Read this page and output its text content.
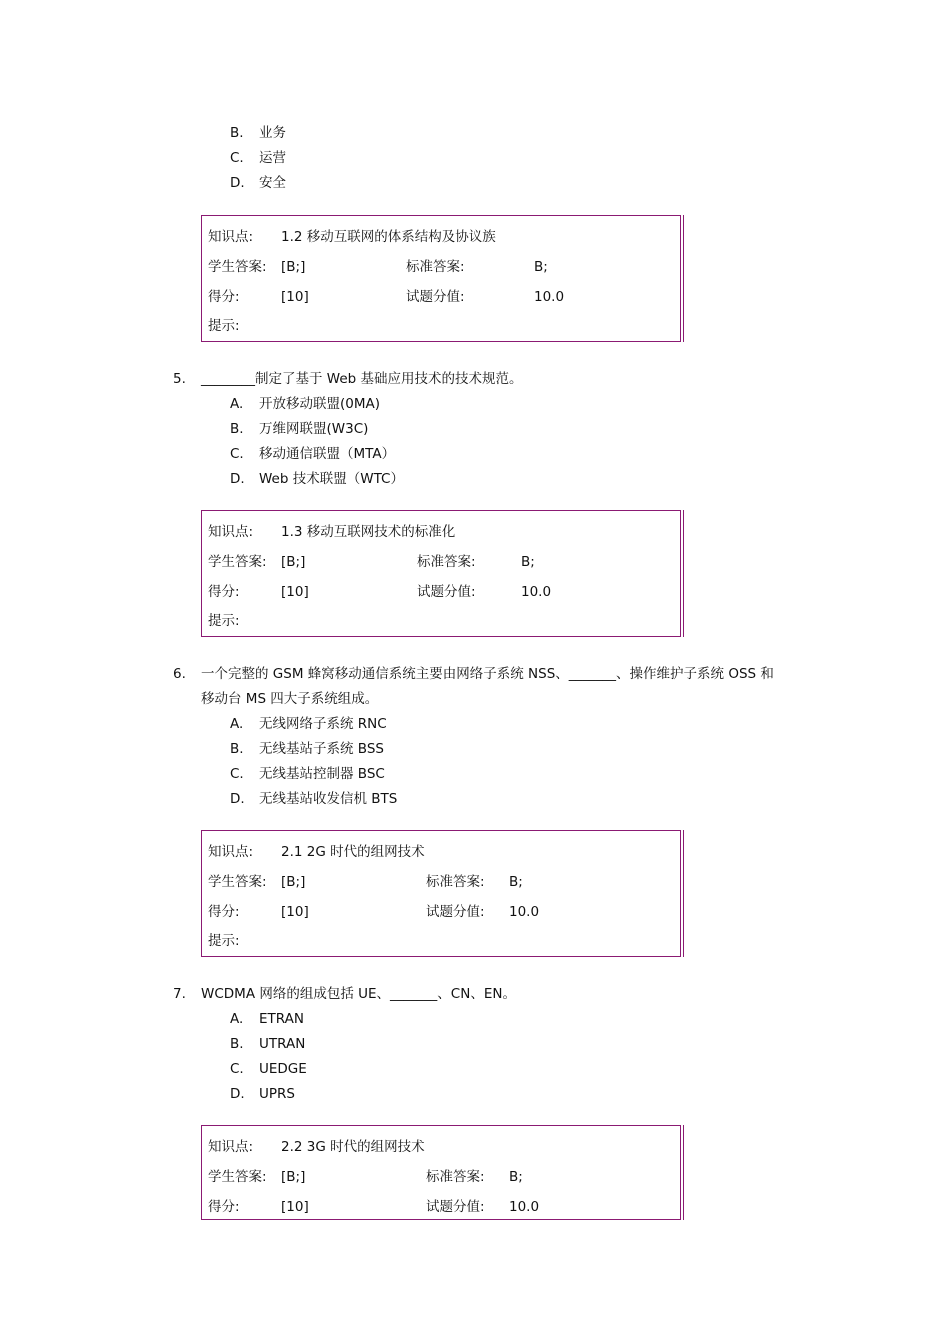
B. 业务
C. 运营
D. 安全
知识点: 1.2 移动互联网的体系结构及协议族
学生答案: [B;]	标准答案:	B;
得分:	[10]	试题分值:	10.0
提示:
5. ________制定了基于 Web 基础应用技术的技术规范。
A. 开放移动联盟(0MA)
B. 万维网联盟(W3C)
C. 移动通信联盟（MTA）
D. Web 技术联盟（WTC）
知识点: 1.3 移动互联网技术的标准化
学生答案: [B;]	标准答案:	B;
得分:	[10]	试题分值:	10.0
提示:
6. 一个完整的 GSM 蜂窝移动通信系统主要由网络子系统 NSS、_______、操作维护子系统 OSS 和
移动台 MS 四大子系统组成。
A. 无线网络子系统 RNC
B. 无线基站子系统 BSS
C. 无线基站控制器 BSC
D. 无线基站收发信机 BTS
知识点: 2.1 2G 时代的组网技术
学生答案: [B;]	标准答案: B;
得分:	[10]	试题分值: 10.0
提示:
7. WCDMA 网络的组成包括 UE、_______、CN、EN。
A. ETRAN
B. UTRAN
C. UEDGE
D. UPRS
知识点: 2.2 3G 时代的组网技术
学生答案: [B;]	标准答案: B;
得分:	[10]	试题分值: 10.0
